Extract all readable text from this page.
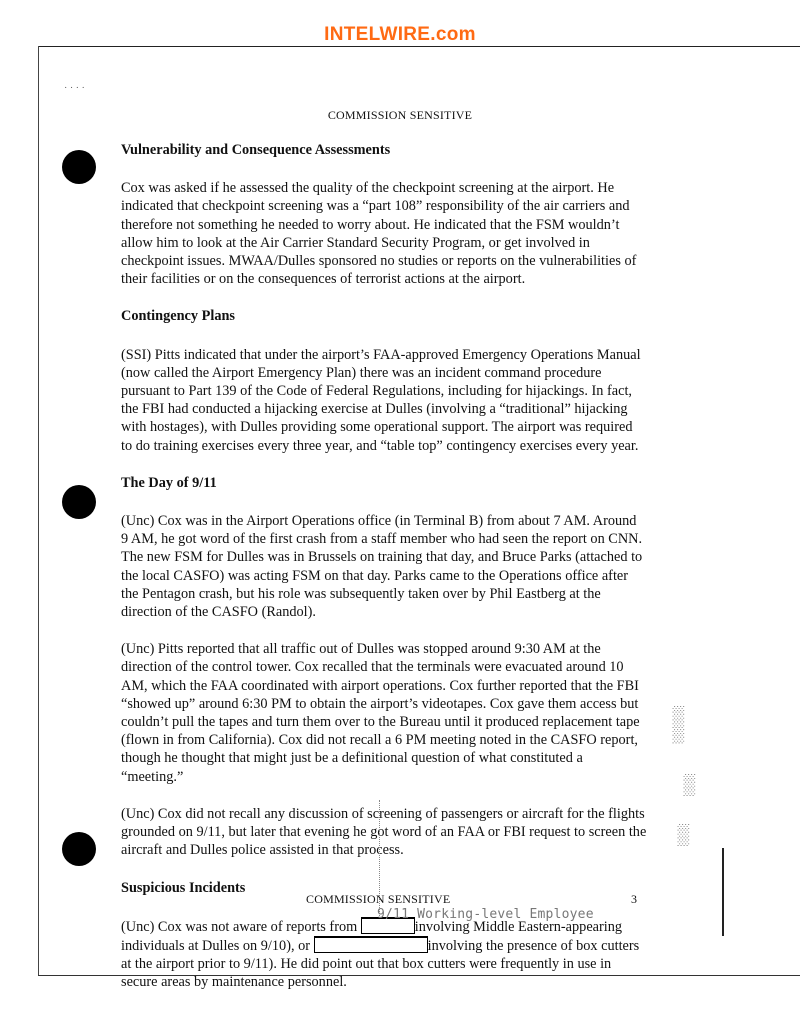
INTELWIRE.com
˙ ˙ ˙ ˙
░░░░░
░░░
░░░
COMMISSION SENSITIVE
Vulnerability and Consequence Assessments

Cox was asked if he assessed the quality of the checkpoint screening at the airport. He indicated that checkpoint screening was a “part 108” responsibility of the air carriers and therefore not something he needed to worry about. He indicated that the FSM wouldn’t allow him to look at the Air Carrier Standard Security Program, or get involved in checkpoint issues. MWAA/Dulles sponsored no studies or reports on the vulnerabilities of their facilities or on the consequences of terrorist actions at the airport.

Contingency Plans

(SSI) Pitts indicated that under the airport’s FAA-approved Emergency Operations Manual (now called the Airport Emergency Plan) there was an incident command procedure pursuant to Part 139 of the Code of Federal Regulations, including for hijackings. In fact, the FBI had conducted a hijacking exercise at Dulles (involving a “traditional” hijacking with hostages), with Dulles providing some operational support. The airport was required to do training exercises every three year, and “table top” contingency exercises every year.

The Day of 9/11

(Unc) Cox was in the Airport Operations office (in Terminal B) from about 7 AM. Around 9 AM, he got word of the first crash from a staff member who had seen the report on CNN. The new FSM for Dulles was in Brussels on training that day, and Bruce Parks (attached to the local CASFO) was acting FSM on that day. Parks came to the Operations office after the Pentagon crash, but his role was subsequently taken over by Phil Eastberg at the direction of the CASFO (Randol).

(Unc) Pitts reported that all traffic out of Dulles was stopped around 9:30 AM at the direction of the control tower. Cox recalled that the terminals were evacuated around 10 AM, which the FAA coordinated with airport operations. Cox further reported that the FBI “showed up” around 6:30 PM to obtain the airport’s videotapes. Cox gave them access but couldn’t pull the tapes and turn them over to the Bureau until it produced replacement tape (flown in from California). Cox did not recall a 6 PM meeting noted in the CASFO report, though he thought that might just be a definitional question of what constituted a “meeting.”

(Unc) Cox did not recall any discussion of screening of passengers or aircraft for the flights grounded on 9/11, but later that evening he got word of an FAA or FBI request to screen the aircraft and Dulles police assisted in that process.

Suspicious Incidents

(Unc) Cox was not aware of reports from	involving Middle Eastern-appearing individuals at Dulles on 9/10), or	involving the presence of box cutters at the airport prior to 9/11). He did point out that box cutters were frequently in use in secure areas by maintenance personnel.

COMMISSION SENSITIVE	3
9/11 Working-level Employee
